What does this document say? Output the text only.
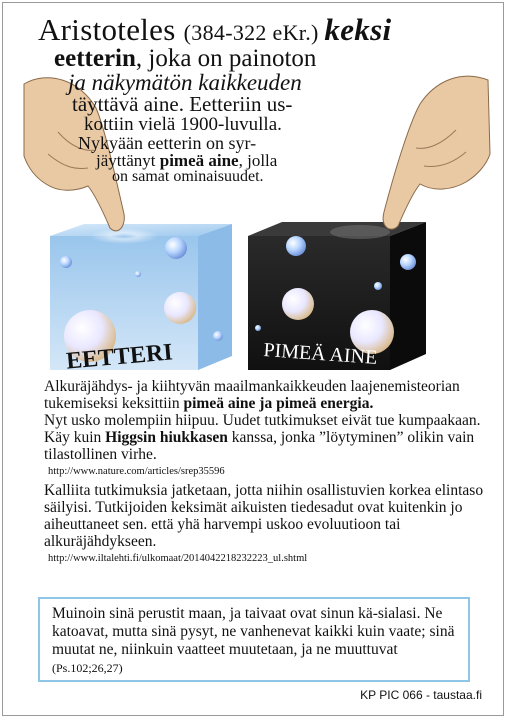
EETTERI	PIMEÄ AINE
Aristoteles (384-322 eKr.) keksi
eetterin, joka on painoton
ja näkymätön kaikkeuden
täyttävä aine. Eetteriin us-
kottiin vielä 1900-luvulla.
Nykyään eetterin on syr-
jäyttänyt pimeä aine, jolla
on samat ominaisuudet.

Alkuräjähdys- ja kiihtyvän maailmankaikkeuden laajenemisteorian tukemiseksi keksittiin pimeä aine ja pimeä energia.

Nyt usko molempiin hiipuu. Uudet tutkimukset eivät tue kumpaakaan. Käy kuin Higgsin hiukkasen kanssa, jonka ”löytyminen” olikin vain tilastollinen virhe.

http://www.nature.com/articles/srep35596

Kalliita tutkimuksia jatketaan, jotta niihin osallistuvien korkea elintaso säilyisi. Tutkijoiden keksimät aikuisten tiedesadut ovat kuitenkin jo aiheuttaneet sen. että yhä harvempi uskoo evoluutioon tai alkuräjähdykseen.

http://www.iltalehti.fi/ulkomaat/2014042218232223_ul.shtml

Muinoin sinä perustit maan, ja taivaat ovat sinun kä-sialasi. Ne katoavat, mutta sinä pysyt, ne vanhenevat kaikki kuin vaate; sinä muutat ne, niinkuin vaatteet muutetaan, ja ne muuttuvat (Ps.102;26,27)
KP PIC 066 - taustaa.fi
